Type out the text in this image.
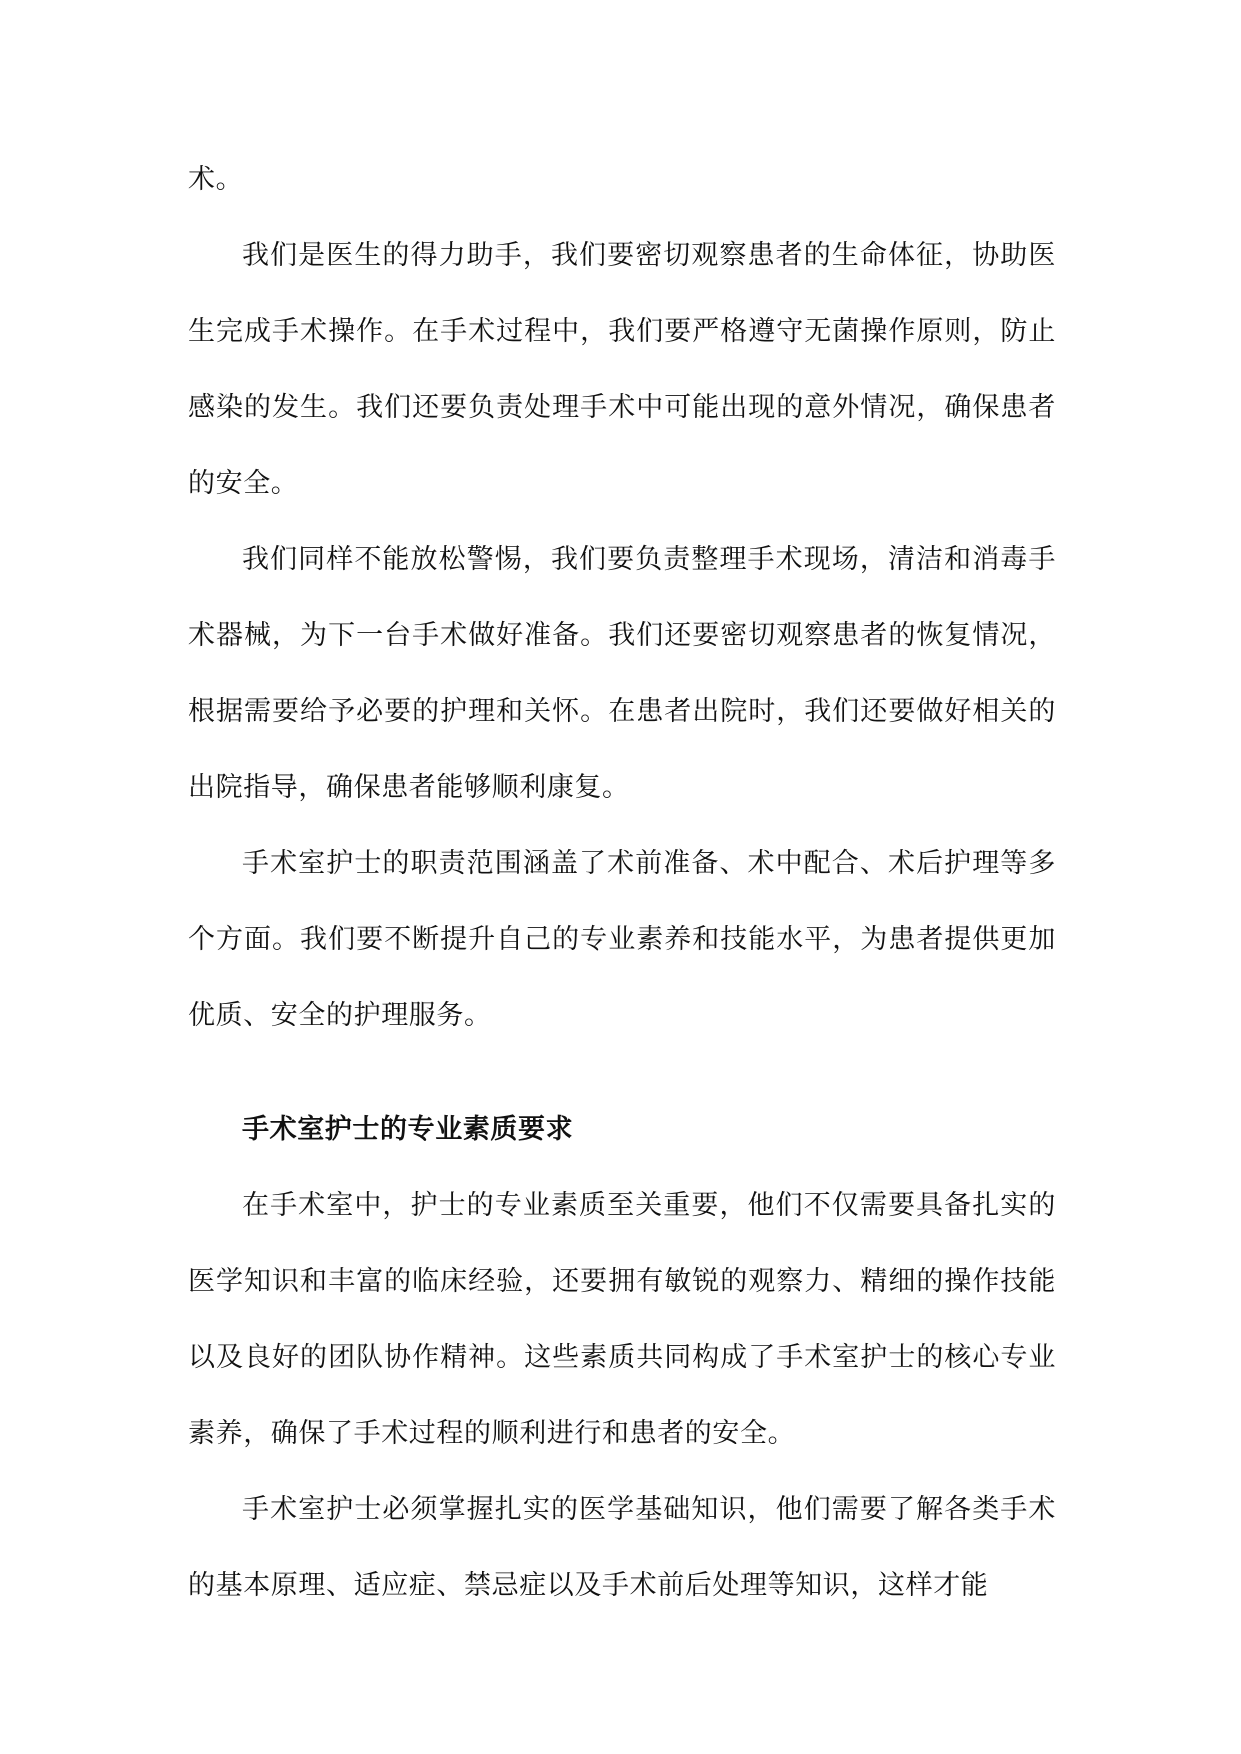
术。

我们是医生的得力助手，我们要密切观察患者的生命体征，协助医生完成手术操作。在手术过程中，我们要严格遵守无菌操作原则，防止感染的发生。我们还要负责处理手术中可能出现的意外情况，确保患者的安全。

我们同样不能放松警惕，我们要负责整理手术现场，清洁和消毒手术器械，为下一台手术做好准备。我们还要密切观察患者的恢复情况，根据需要给予必要的护理和关怀。在患者出院时，我们还要做好相关的出院指导，确保患者能够顺利康复。

手术室护士的职责范围涵盖了术前准备、术中配合、术后护理等多个方面。我们要不断提升自己的专业素养和技能水平，为患者提供更加优质、安全的护理服务。

手术室护士的专业素质要求

在手术室中，护士的专业素质至关重要，他们不仅需要具备扎实的医学知识和丰富的临床经验，还要拥有敏锐的观察力、精细的操作技能以及良好的团队协作精神。这些素质共同构成了手术室护士的核心专业素养，确保了手术过程的顺利进行和患者的安全。

手术室护士必须掌握扎实的医学基础知识，他们需要了解各类手术的基本原理、适应症、禁忌症以及手术前后处理等知识，这样才能
